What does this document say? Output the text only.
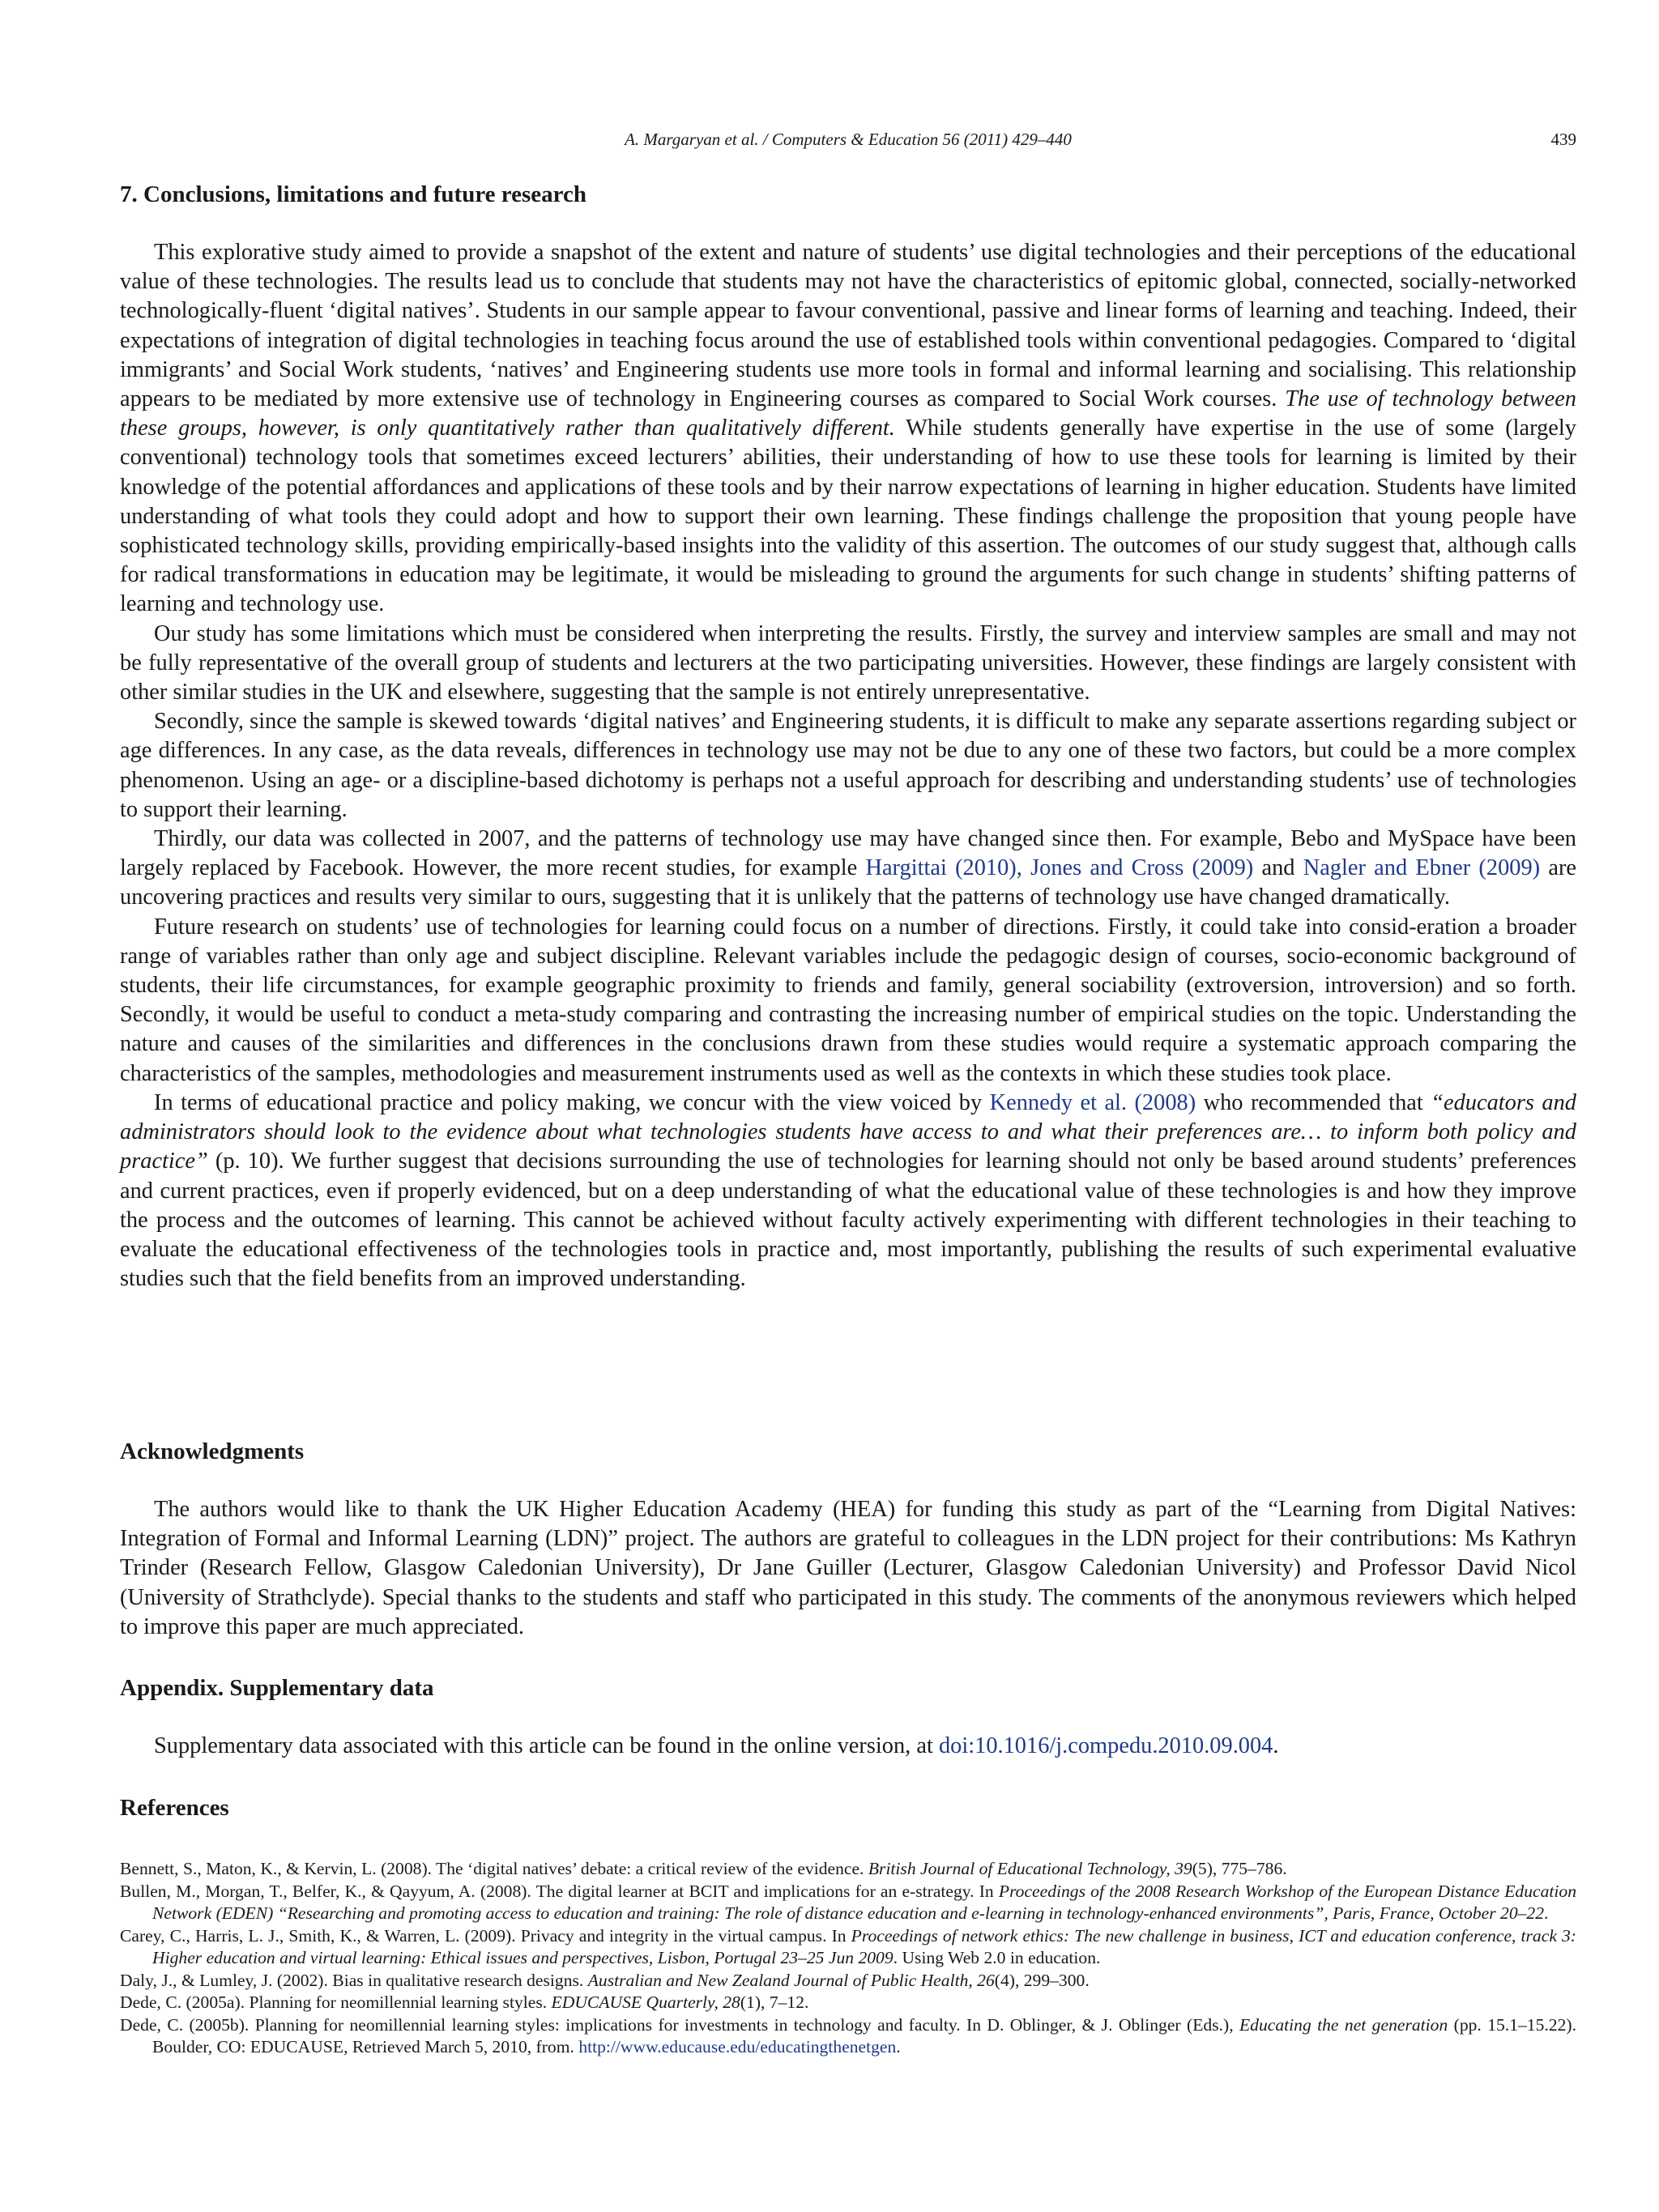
A. Margaryan et al. / Computers & Education 56 (2011) 429–440	439
7. Conclusions, limitations and future research

This explorative study aimed to provide a snapshot of the extent and nature of students’ use digital technologies and their perceptions of the educational value of these technologies. The results lead us to conclude that students may not have the characteristics of epitomic global, connected, socially-networked technologically-fluent ‘digital natives’. Students in our sample appear to favour conventional, passive and linear forms of learning and teaching. Indeed, their expectations of integration of digital technologies in teaching focus around the use of established tools within conventional pedagogies. Compared to ‘digital immigrants’ and Social Work students, ‘natives’ and Engineering students use more tools in formal and informal learning and socialising. This relationship appears to be mediated by more extensive use of technology in Engineering courses as compared to Social Work courses. The use of technology between these groups, however, is only quantitatively rather than qualitatively different. While students generally have expertise in the use of some (largely conventional) technology tools that sometimes exceed lecturers’ abilities, their understanding of how to use these tools for learning is limited by their knowledge of the potential affordances and applications of these tools and by their narrow expectations of learning in higher education. Students have limited understanding of what tools they could adopt and how to support their own learning. These findings challenge the proposition that young people have sophisticated technology skills, providing empirically-based insights into the validity of this assertion. The outcomes of our study suggest that, although calls for radical transformations in education may be legitimate, it would be misleading to ground the arguments for such change in students’ shifting patterns of learning and technology use.

Our study has some limitations which must be considered when interpreting the results. Firstly, the survey and interview samples are small and may not be fully representative of the overall group of students and lecturers at the two participating universities. However, these findings are largely consistent with other similar studies in the UK and elsewhere, suggesting that the sample is not entirely unrepresentative.

Secondly, since the sample is skewed towards ‘digital natives’ and Engineering students, it is difficult to make any separate assertions regarding subject or age differences. In any case, as the data reveals, differences in technology use may not be due to any one of these two factors, but could be a more complex phenomenon. Using an age- or a discipline-based dichotomy is perhaps not a useful approach for describing and understanding students’ use of technologies to support their learning.

Thirdly, our data was collected in 2007, and the patterns of technology use may have changed since then. For example, Bebo and MySpace have been largely replaced by Facebook. However, the more recent studies, for example Hargittai (2010), Jones and Cross (2009) and Nagler and Ebner (2009) are uncovering practices and results very similar to ours, suggesting that it is unlikely that the patterns of technology use have changed dramatically.

Future research on students’ use of technologies for learning could focus on a number of directions. Firstly, it could take into consid-eration a broader range of variables rather than only age and subject discipline. Relevant variables include the pedagogic design of courses, socio-economic background of students, their life circumstances, for example geographic proximity to friends and family, general sociability (extroversion, introversion) and so forth. Secondly, it would be useful to conduct a meta-study comparing and contrasting the increasing number of empirical studies on the topic. Understanding the nature and causes of the similarities and differences in the conclusions drawn from these studies would require a systematic approach comparing the characteristics of the samples, methodologies and measurement instruments used as well as the contexts in which these studies took place.

In terms of educational practice and policy making, we concur with the view voiced by Kennedy et al. (2008) who recommended that “educators and administrators should look to the evidence about what technologies students have access to and what their preferences are… to inform both policy and practice” (p. 10). We further suggest that decisions surrounding the use of technologies for learning should not only be based around students’ preferences and current practices, even if properly evidenced, but on a deep understanding of what the educational value of these technologies is and how they improve the process and the outcomes of learning. This cannot be achieved without faculty actively experimenting with different technologies in their teaching to evaluate the educational effectiveness of the technologies tools in practice and, most importantly, publishing the results of such experimental evaluative studies such that the field benefits from an improved understanding.

Acknowledgments

The authors would like to thank the UK Higher Education Academy (HEA) for funding this study as part of the “Learning from Digital Natives: Integration of Formal and Informal Learning (LDN)” project. The authors are grateful to colleagues in the LDN project for their contributions: Ms Kathryn Trinder (Research Fellow, Glasgow Caledonian University), Dr Jane Guiller (Lecturer, Glasgow Caledonian University) and Professor David Nicol (University of Strathclyde). Special thanks to the students and staff who participated in this study. The comments of the anonymous reviewers which helped to improve this paper are much appreciated.

Appendix. Supplementary data

Supplementary data associated with this article can be found in the online version, at doi:10.1016/j.compedu.2010.09.004.

References

Bennett, S., Maton, K., & Kervin, L. (2008). The ‘digital natives’ debate: a critical review of the evidence. British Journal of Educational Technology, 39(5), 775–786.

Bullen, M., Morgan, T., Belfer, K., & Qayyum, A. (2008). The digital learner at BCIT and implications for an e-strategy. In Proceedings of the 2008 Research Workshop of the European Distance Education Network (EDEN) “Researching and promoting access to education and training: The role of distance education and e-learning in technology-enhanced environments”, Paris, France, October 20–22.

Carey, C., Harris, L. J., Smith, K., & Warren, L. (2009). Privacy and integrity in the virtual campus. In Proceedings of network ethics: The new challenge in business, ICT and education conference, track 3: Higher education and virtual learning: Ethical issues and perspectives, Lisbon, Portugal 23–25 Jun 2009. Using Web 2.0 in education.

Daly, J., & Lumley, J. (2002). Bias in qualitative research designs. Australian and New Zealand Journal of Public Health, 26(4), 299–300.

Dede, C. (2005a). Planning for neomillennial learning styles. EDUCAUSE Quarterly, 28(1), 7–12.

Dede, C. (2005b). Planning for neomillennial learning styles: implications for investments in technology and faculty. In D. Oblinger, & J. Oblinger (Eds.), Educating the net generation (pp. 15.1–15.22). Boulder, CO: EDUCAUSE, Retrieved March 5, 2010, from. http://www.educause.edu/educatingthenetgen.
